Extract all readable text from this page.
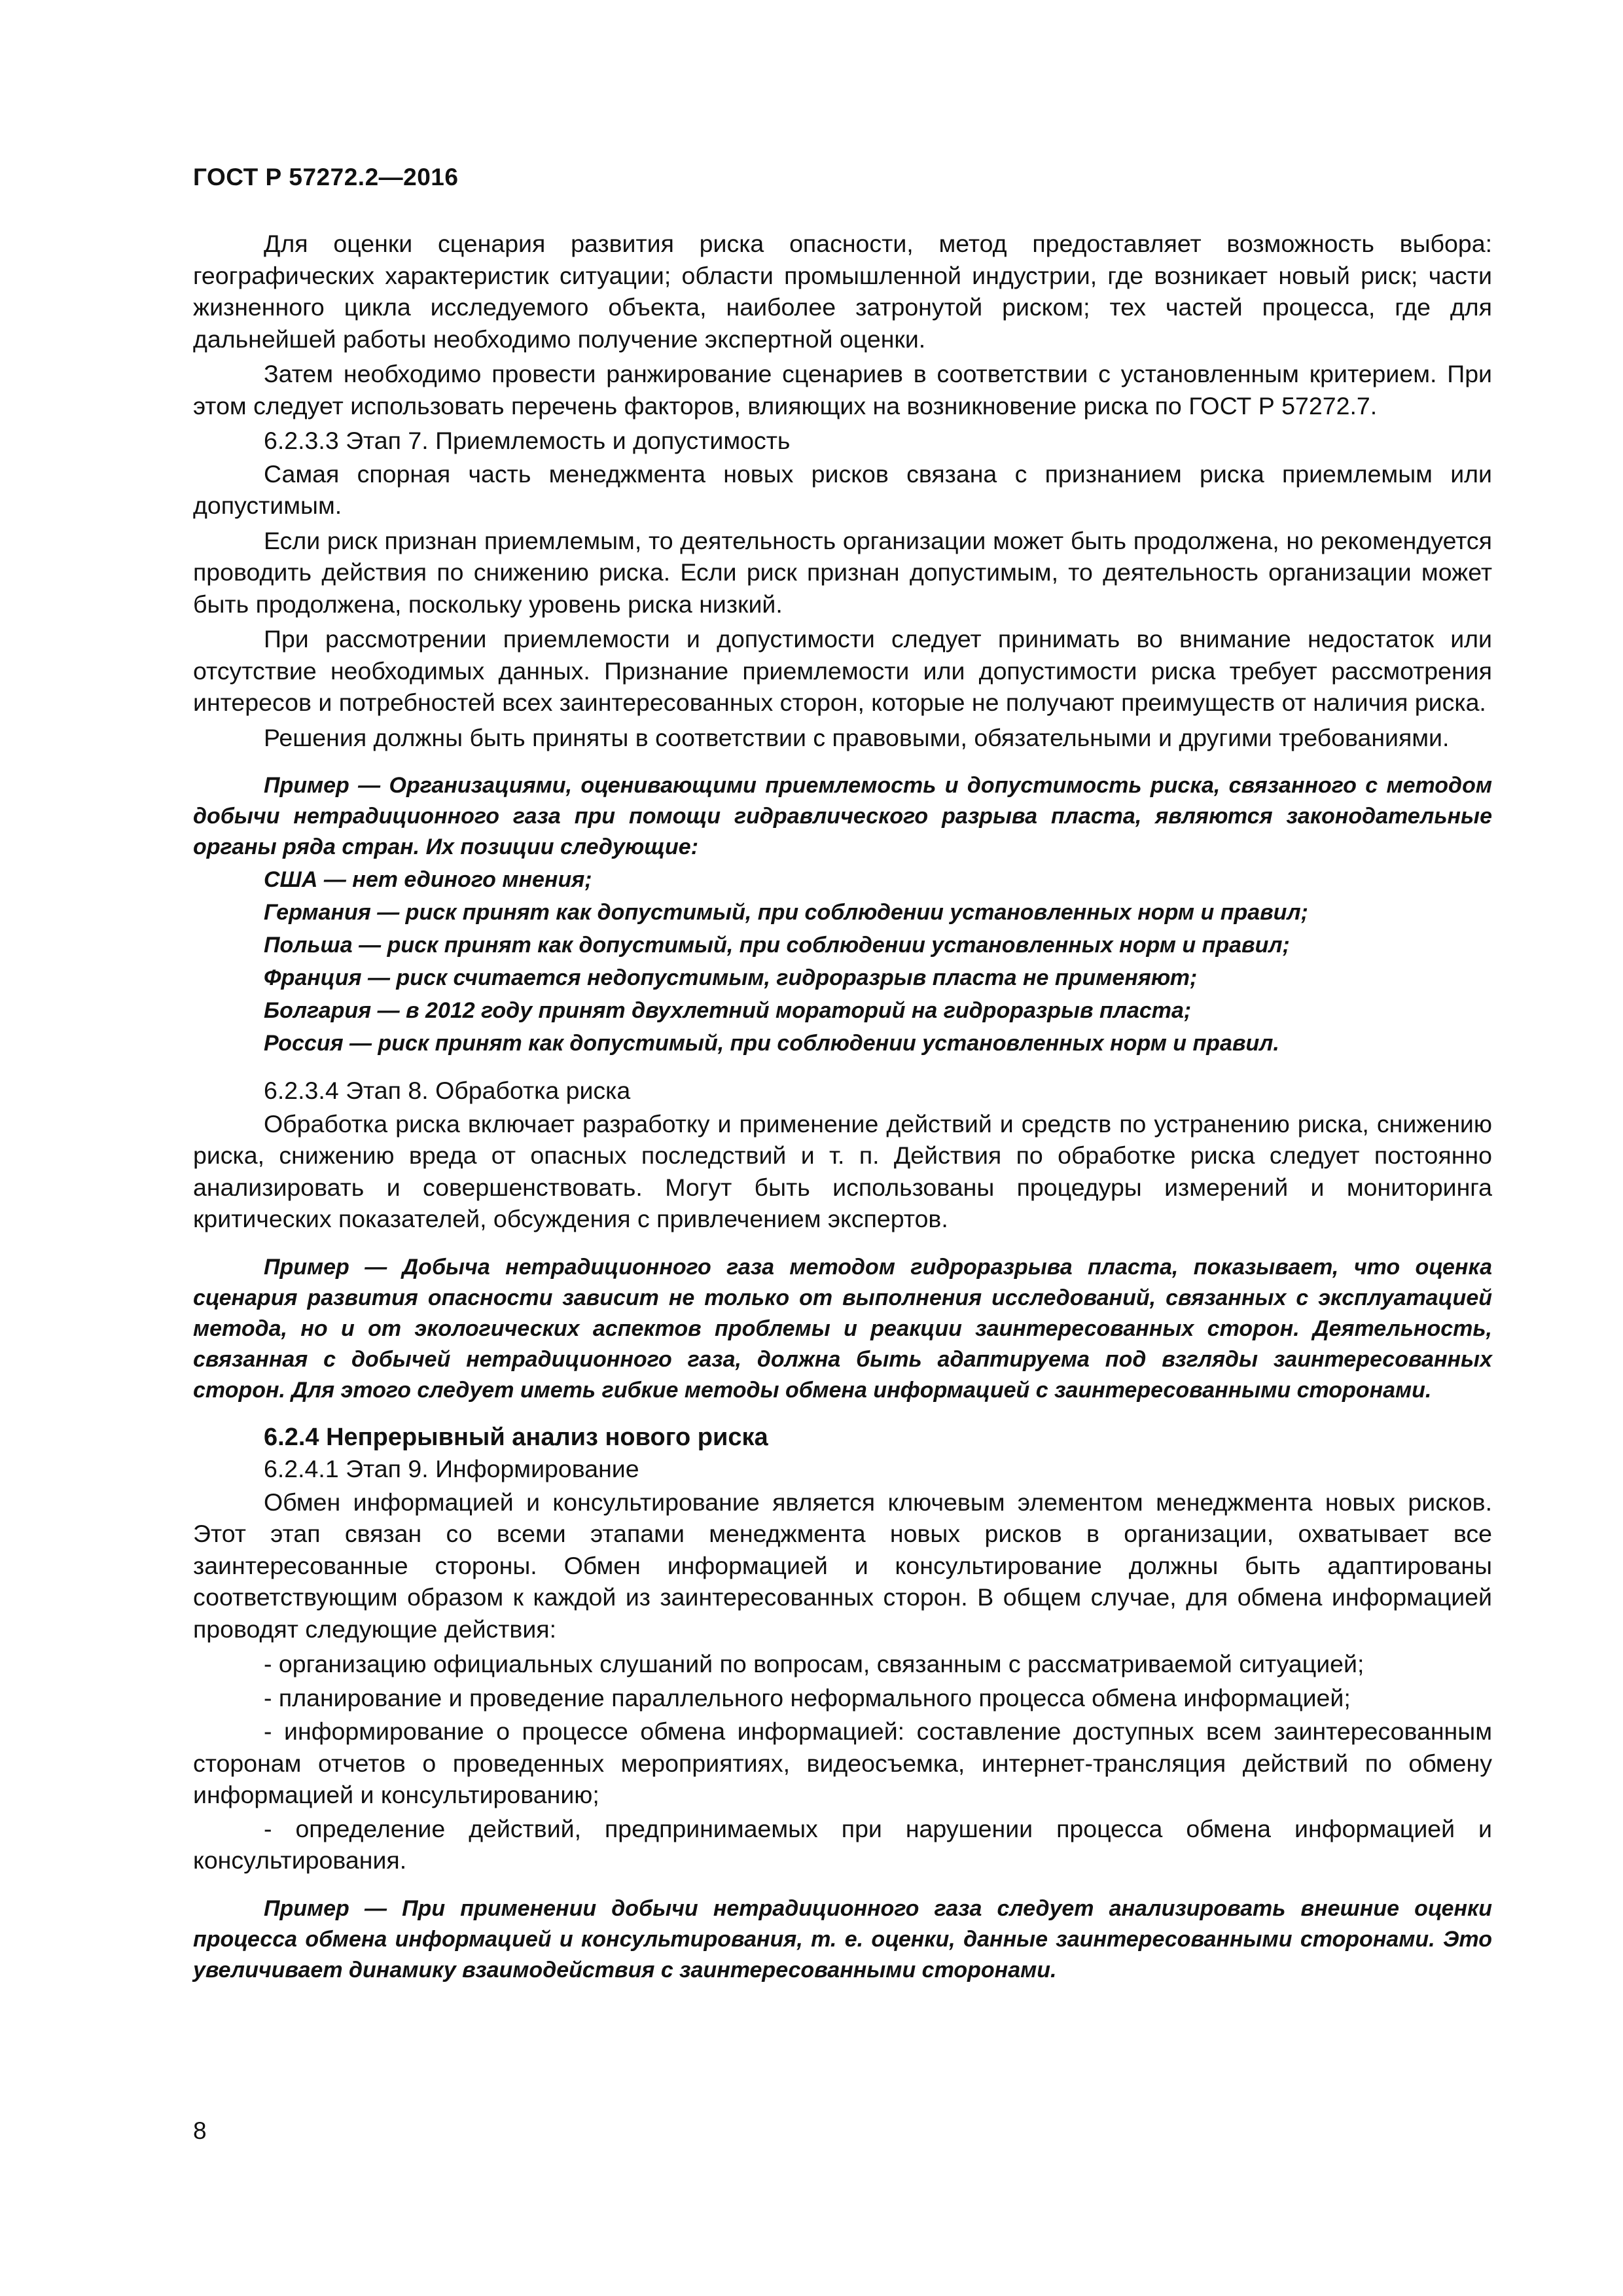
ГОСТ Р 57272.2—2016

Для оценки сценария развития риска опасности, метод предоставляет возможность выбора: географических характеристик ситуации; области промышленной индустрии, где возникает новый риск; части жизненного цикла исследуемого объекта, наиболее затронутой риском; тех частей процесса, где для дальнейшей работы необходимо получение экспертной оценки.

Затем необходимо провести ранжирование сценариев в соответствии с установленным критерием. При этом следует использовать перечень факторов, влияющих на возникновение риска по ГОСТ Р 57272.7.

6.2.3.3 Этап 7. Приемлемость и допустимость

Самая спорная часть менеджмента новых рисков связана с признанием риска приемлемым или допустимым.

Если риск признан приемлемым, то деятельность организации может быть продолжена, но рекомендуется проводить действия по снижению риска. Если риск признан допустимым, то деятельность организации может быть продолжена, поскольку уровень риска низкий.

При рассмотрении приемлемости и допустимости следует принимать во внимание недостаток или отсутствие необходимых данных. Признание приемлемости или допустимости риска требует рассмотрения интересов и потребностей всех заинтересованных сторон, которые не получают преимуществ от наличия риска.

Решения должны быть приняты в соответствии с правовыми, обязательными и другими требованиями.

Пример — Организациями, оценивающими приемлемость и допустимость риска, связанного с методом добычи нетрадиционного газа при помощи гидравлического разрыва пласта, являются законодательные органы ряда стран. Их позиции следующие:

США — нет единого мнения;

Германия — риск принят как допустимый, при соблюдении установленных норм и правил;

Польша — риск принят как допустимый, при соблюдении установленных норм и правил;

Франция — риск считается недопустимым, гидроразрыв пласта не применяют;

Болгария — в 2012 году принят двухлетний мораторий на гидроразрыв пласта;

Россия — риск принят как допустимый, при соблюдении установленных норм и правил.

6.2.3.4 Этап 8. Обработка риска

Обработка риска включает разработку и применение действий и средств по устранению риска, снижению риска, снижению вреда от опасных последствий и т. п. Действия по обработке риска следует постоянно анализировать и совершенствовать. Могут быть использованы процедуры измерений и мониторинга критических показателей, обсуждения с привлечением экспертов.

Пример — Добыча нетрадиционного газа методом гидроразрыва пласта, показывает, что оценка сценария развития опасности зависит не только от выполнения исследований, связанных с эксплуатацией метода, но и от экологических аспектов проблемы и реакции заинтересованных сторон. Деятельность, связанная с добычей нетрадиционного газа, должна быть адаптируема под взгляды заинтересованных сторон. Для этого следует иметь гибкие методы обмена информацией с заинтересованными сторонами.

6.2.4 Непрерывный анализ нового риска

6.2.4.1 Этап 9. Информирование

Обмен информацией и консультирование является ключевым элементом менеджмента новых рисков. Этот этап связан со всеми этапами менеджмента новых рисков в организации, охватывает все заинтересованные стороны. Обмен информацией и консультирование должны быть адаптированы соответствующим образом к каждой из заинтересованных сторон. В общем случае, для обмена информацией проводят следующие действия:

- организацию официальных слушаний по вопросам, связанным с рассматриваемой ситуацией;

- планирование и проведение параллельного неформального процесса обмена информацией;

- информирование о процессе обмена информацией: составление доступных всем заинтересованным сторонам отчетов о проведенных мероприятиях, видеосъемка, интернет-трансляция действий по обмену информацией и консультированию;

- определение действий, предпринимаемых при нарушении процесса обмена информацией и консультирования.

Пример — При применении добычи нетрадиционного газа следует анализировать внешние оценки процесса обмена информацией и консультирования, т. е. оценки, данные заинтересованными сторонами. Это увеличивает динамику взаимодействия с заинтересованными сторонами.

8
